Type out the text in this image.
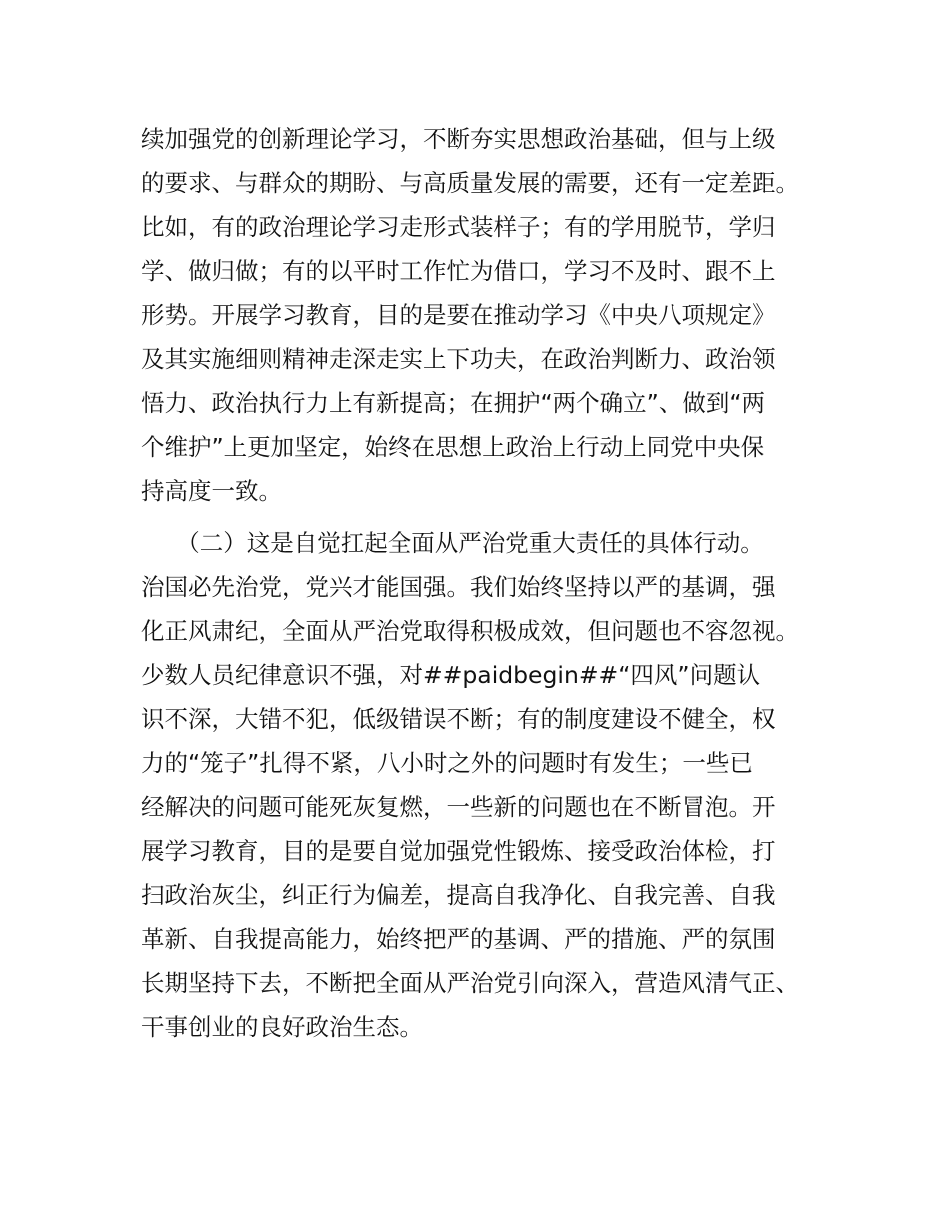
续加强党的创新理论学习，不断夯实思想政治基础，但与上级
的要求、与群众的期盼、与高质量发展的需要，还有一定差距。
比如，有的政治理论学习走形式装样子；有的学用脱节，学归
学、做归做；有的以平时工作忙为借口，学习不及时、跟不上
形势。开展学习教育，目的是要在推动学习《中央八项规定》
及其实施细则精神走深走实上下功夫，在政治判断力、政治领
悟力、政治执行力上有新提高；在拥护“两个确立”、做到“两
个维护”上更加坚定，始终在思想上政治上行动上同党中央保
持高度一致。
　　（二）这是自觉扛起全面从严治党重大责任的具体行动。
治国必先治党，党兴才能国强。我们始终坚持以严的基调，强
化正风肃纪，全面从严治党取得积极成效，但问题也不容忽视。
少数人员纪律意识不强，对##paidbegin##“四风”问题认
识不深，大错不犯，低级错误不断；有的制度建设不健全，权
力的“笼子”扎得不紧，八小时之外的问题时有发生；一些已
经解决的问题可能死灰复燃，一些新的问题也在不断冒泡。开
展学习教育，目的是要自觉加强党性锻炼、接受政治体检，打
扫政治灰尘，纠正行为偏差，提高自我净化、自我完善、自我
革新、自我提高能力，始终把严的基调、严的措施、严的氛围
长期坚持下去，不断把全面从严治党引向深入，营造风清气正、
干事创业的良好政治生态。
